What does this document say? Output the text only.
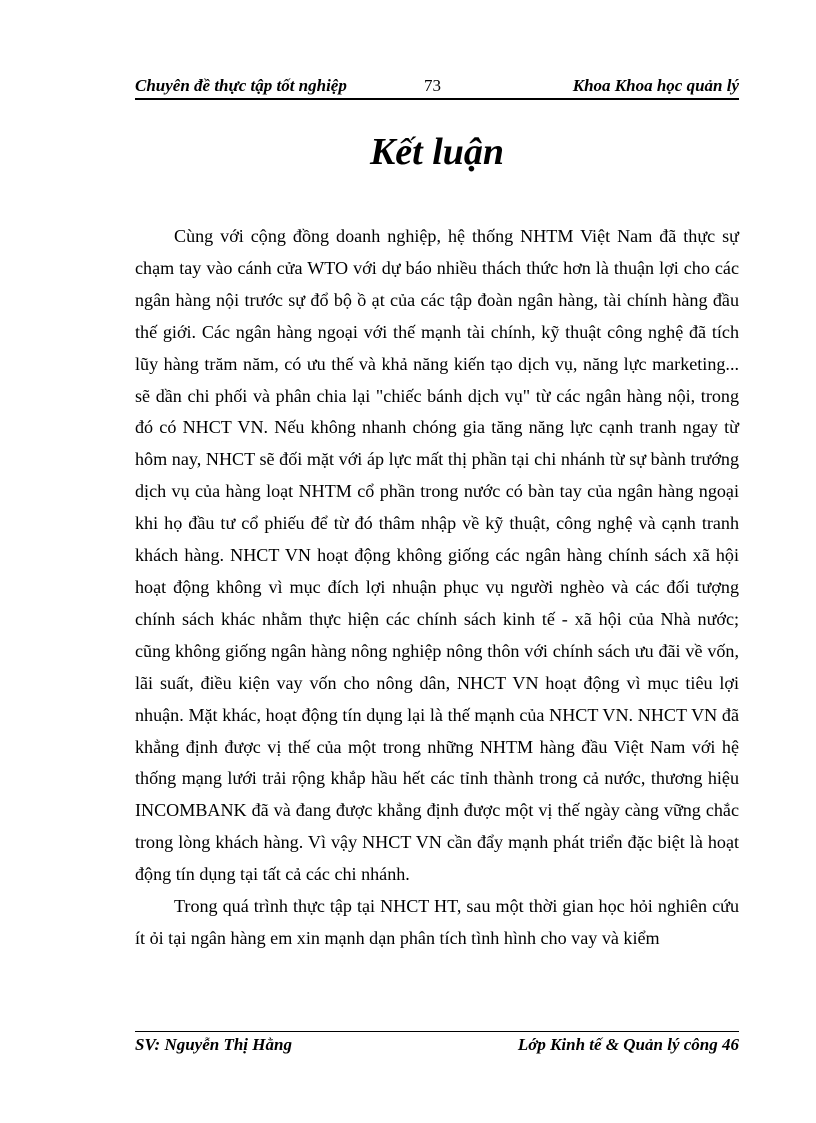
Chuyên đề thực tập tốt nghiệp	73	Khoa Khoa học quản lý
Kết luận

Cùng với cộng đồng doanh nghiệp, hệ thống NHTM Việt Nam đã thực sự chạm tay vào cánh cửa WTO với dự báo nhiều thách thức hơn là thuận lợi cho các ngân hàng nội trước sự đổ bộ ồ ạt của các tập đoàn ngân hàng, tài chính hàng đầu thế giới. Các ngân hàng ngoại với thế mạnh tài chính, kỹ thuật công nghệ đã tích lũy hàng trăm năm, có ưu thế và khả năng kiến tạo dịch vụ, năng lực marketing... sẽ dần chi phối và phân chia lại "chiếc bánh dịch vụ" từ các ngân hàng nội, trong đó có NHCT VN. Nếu không nhanh chóng gia tăng năng lực cạnh tranh ngay từ hôm nay, NHCT sẽ đối mặt với áp lực mất thị phần tại chi nhánh từ sự bành trướng dịch vụ của hàng loạt NHTM cổ phần trong nước có bàn tay của ngân hàng ngoại khi họ đầu tư cổ phiếu để từ đó thâm nhập về kỹ thuật, công nghệ và cạnh tranh khách hàng. NHCT VN hoạt động không giống các ngân hàng chính sách xã hội hoạt động không vì mục đích lợi nhuận phục vụ người nghèo và các đối tượng chính sách khác nhằm thực hiện các chính sách kinh tế - xã hội của Nhà nước; cũng không giống ngân hàng nông nghiệp nông thôn với chính sách ưu đãi về vốn, lãi suất, điều kiện vay vốn cho nông dân, NHCT VN hoạt động vì mục tiêu lợi nhuận. Mặt khác, hoạt động tín dụng lại là thế mạnh của NHCT VN. NHCT VN đã khẳng định được vị thế của một trong những NHTM hàng đầu Việt Nam với hệ thống mạng lưới trải rộng khắp hầu hết các tỉnh thành trong cả nước, thương hiệu INCOMBANK đã và đang được khẳng định được một vị thế ngày càng vững chắc trong lòng khách hàng. Vì vậy NHCT VN cần đẩy mạnh phát triển đặc biệt là hoạt động tín dụng tại tất cả các chi nhánh.

Trong quá trình thực tập tại NHCT HT, sau một thời gian học hỏi nghiên cứu ít ỏi tại ngân hàng em xin mạnh dạn phân tích tình hình cho vay và kiểm

SV: Nguyễn Thị Hằng	Lớp Kinh tế & Quản lý công 46
